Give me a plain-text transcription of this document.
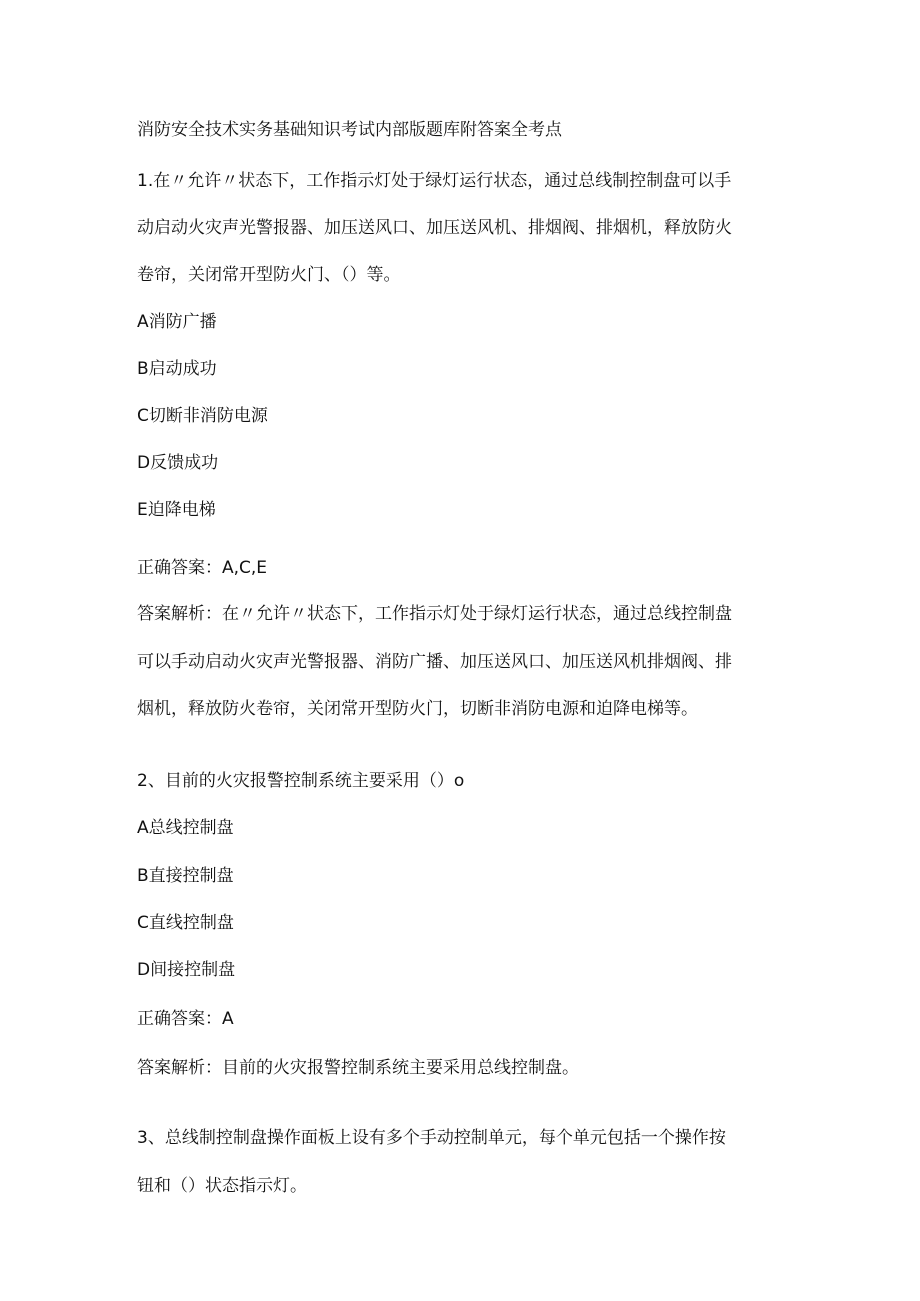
消防安全技术实务基础知识考试内部版题库附答案全考点
1.在〃允许〃状态下，工作指示灯处于绿灯运行状态，通过总线制控制盘可以手
动启动火灾声光警报器、加压送风口、加压送风机、排烟阀、排烟机，释放防火
卷帘，关闭常开型防火门、（）等。
A消防广播
B启动成功
C切断非消防电源
D反馈成功
E迫降电梯
正确答案：A,C,E
答案解析：在〃允许〃状态下，工作指示灯处于绿灯运行状态，通过总线控制盘
可以手动启动火灾声光警报器、消防广播、加压送风口、加压送风机排烟阀、排
烟机，释放防火卷帘，关闭常开型防火门，切断非消防电源和迫降电梯等。
2、目前的火灾报警控制系统主要采用（）o
A总线控制盘
B直接控制盘
C直线控制盘
D间接控制盘
正确答案：A
答案解析：目前的火灾报警控制系统主要采用总线控制盘。
3、总线制控制盘操作面板上设有多个手动控制单元，每个单元包括一个操作按
钮和（）状态指示灯。
